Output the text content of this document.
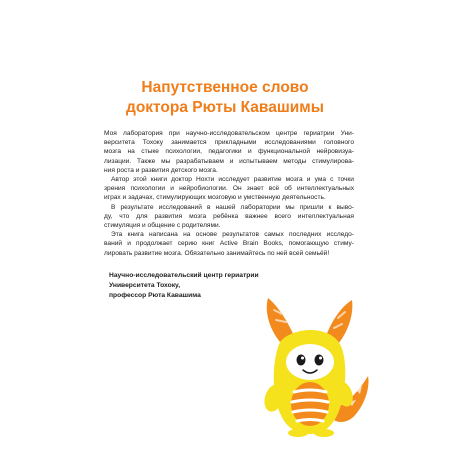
Напутственное слово
доктора Рюты Кавашимы
Моя лаборатория при научно-исследовательском центре гериатрии Уни-
верситета Тохоку занимается прикладными исследованиями головного
мозга на стыке психологии, педагогики и функциональной нейровизуа-
лизации. Также мы разрабатываем и испытываем методы стимулирова-
ния роста и развития детского мозга.
Автор этой книги доктор Нохти исследует развитие мозга и ума с точки
зрения психологии и нейробиологии. Он знает всё об интеллектуальных
играх и задачах, стимулирующих мозговую и умственную деятельность.
В результате исследований в нашей лаборатории мы пришли к выво-
ду, что для развития мозга ребёнка важнее всего интеллектуальная
стимуляция и общение с родителями.
Эта книга написана на основе результатов самых последних исследо-
ваний и продолжает серию книг Active Brain Books, помогающую стиму-
лировать развитие мозга. Обязательно занимайтесь по ней всей семьёй!
Научно-исследовательский центр гериатрии
Университета Тохоку,
профессор Рюта Кавашима
